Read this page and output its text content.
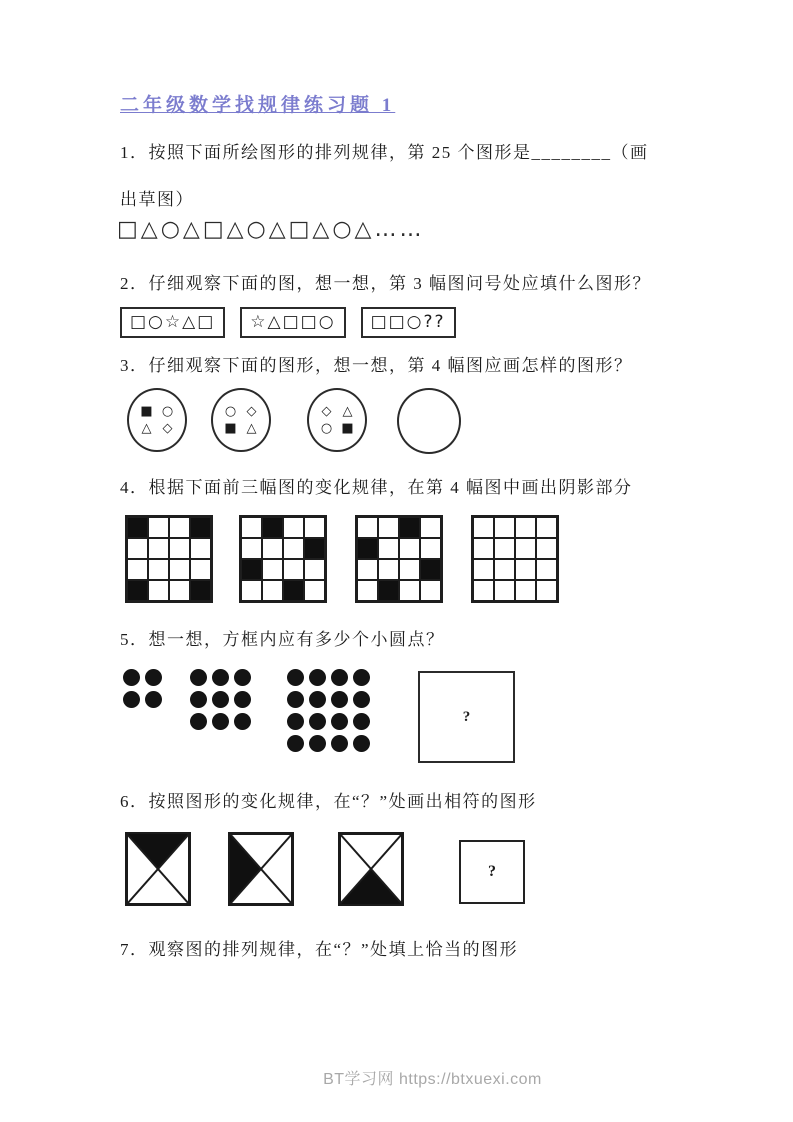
二年级数学找规律练习题 1
1．按照下面所绘图形的排列规律，第 25 个图形是________（画
出草图）
□△○△□△○△□△○△……
2．仔细观察下面的图，想一想，第 3 幅图问号处应填什么图形？
□○☆△□	☆△□□○	□□○??
3．仔细观察下面的图形，想一想，第 4 幅图应画怎样的图形？
■ ○
△ ◇
○ ◇
■ △
◇ △
○ ■
4．根据下面前三幅图的变化规律，在第 4 幅图中画出阴影部分
5．想一想，方框内应有多少个小圆点？
?
6．按照图形的变化规律，在“？”处画出相符的图形
?
7．观察图的排列规律，在“？”处填上恰当的图形
BT学习网 https://btxuexi.com
